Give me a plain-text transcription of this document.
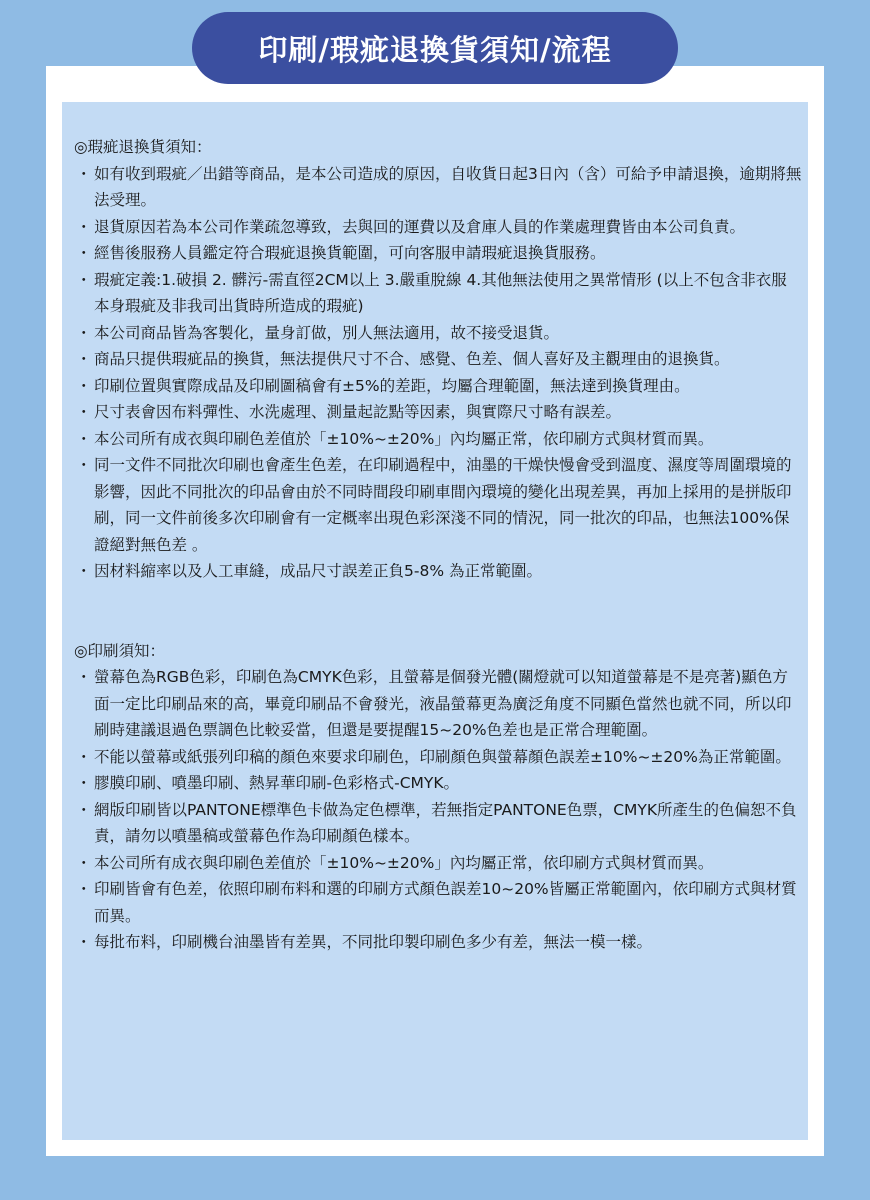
印刷/瑕疵退換貨須知/流程

◎瑕疵退換貨須知：

・ 如有收到瑕疵／出錯等商品，是本公司造成的原因，自收貨日起3日內（含）可給予申請退換，逾期將無法受理。
・ 退貨原因若為本公司作業疏忽導致，去與回的運費以及倉庫人員的作業處理費皆由本公司負責。
・ 經售後服務人員鑑定符合瑕疵退換貨範圍，可向客服申請瑕疵退換貨服務。
・ 瑕疵定義:1.破損 2. 髒污-需直徑2CM以上 3.嚴重脫線 4.其他無法使用之異常情形 (以上不包含非衣服本身瑕疵及非我司出貨時所造成的瑕疵)
・ 本公司商品皆為客製化，量身訂做，別人無法適用，故不接受退貨。
・ 商品只提供瑕疵品的換貨，無法提供尺寸不合、感覺、色差、個人喜好及主觀理由的退換貨。
・ 印刷位置與實際成品及印刷圖稿會有±5%的差距，均屬合理範圍，無法達到換貨理由。
・ 尺寸表會因布料彈性、水洗處理、測量起訖點等因素，與實際尺寸略有誤差。
・ 本公司所有成衣與印刷色差值於「±10%~±20%」內均屬正常，依印刷方式與材質而異。
・ 同一文件不同批次印刷也會產生色差，在印刷過程中，油墨的干燥快慢會受到溫度、濕度等周圍環境的影響，因此不同批次的印品會由於不同時間段印刷車間內環境的變化出現差異，再加上採用的是拼版印刷，同一文件前後多次印刷會有一定概率出現色彩深淺不同的情況，同一批次的印品，也無法100%保證絕對無色差 。
・ 因材料縮率以及人工車縫，成品尺寸誤差正負5-8% 為正常範圍。

◎印刷須知：

・ 螢幕色為RGB色彩，印刷色為CMYK色彩，且螢幕是個發光體(關燈就可以知道螢幕是不是亮著)顯色方面一定比印刷品來的高，畢竟印刷品不會發光，液晶螢幕更為廣泛角度不同顯色當然也就不同，所以印刷時建議退過色票調色比較妥當，但還是要提醒15~20%色差也是正常合理範圍。
・ 不能以螢幕或紙張列印稿的顏色來要求印刷色，印刷顏色與螢幕顏色誤差±10%~±20%為正常範圍。
・ 膠膜印刷、噴墨印刷、熱昇華印刷-色彩格式-CMYK。
・ 網版印刷皆以PANTONE標準色卡做為定色標準，若無指定PANTONE色票，CMYK所產生的色偏恕不負責，請勿以噴墨稿或螢幕色作為印刷顏色樣本。
・ 本公司所有成衣與印刷色差值於「±10%~±20%」內均屬正常，依印刷方式與材質而異。
・ 印刷皆會有色差，依照印刷布料和選的印刷方式顏色誤差10~20%皆屬正常範圍內，依印刷方式與材質而異。
・ 每批布料，印刷機台油墨皆有差異，不同批印製印刷色多少有差，無法一模一樣。
